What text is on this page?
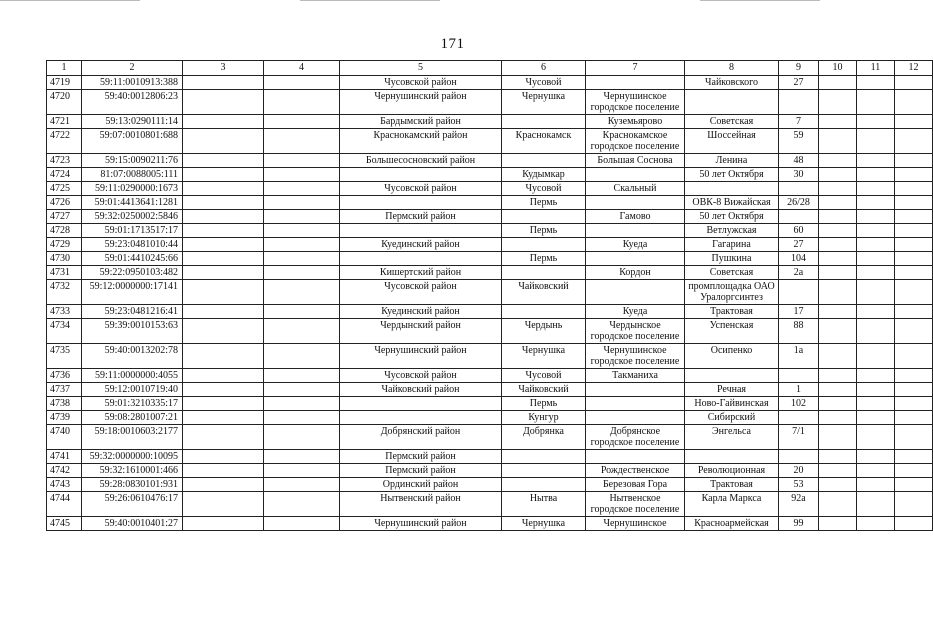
171
1	2	3	4	5	6	7	8	9	10	11	12
4719	59:11:0010913:388			Чусовской район	Чусовой		Чайковского	27			
4720	59:40:0012806:23			Чернушинский район	Чернушка	Чернушинское городское поселение					
4721	59:13:0290111:14			Бардымский район		Куземьярово	Советская	7			
4722	59:07:0010801:688			Краснокамский район	Краснокамск	Краснокамское городское поселение	Шоссейная	59			
4723	59:15:0090211:76			Большесосновский район		Большая Соснова	Ленина	48			
4724	81:07:0088005:111				Кудымкар		50 лет Октября	30			
4725	59:11:0290000:1673			Чусовской район	Чусовой	Скальный					
4726	59:01:4413641:1281				Пермь		ОВК-8 Вижайская	26/28			
4727	59:32:0250002:5846			Пермский район		Гамово	50 лет Октября				
4728	59:01:1713517:17				Пермь		Ветлужская	60			
4729	59:23:0481010:44			Куединский район		Куеда	Гагарина	27			
4730	59:01:4410245:66				Пермь		Пушкина	104			
4731	59:22:0950103:482			Кишертский район		Кордон	Советская	2а			
4732	59:12:0000000:17141			Чусовской район	Чайковский		промплощадка ОАО Уралоргсинтез				
4733	59:23:0481216:41			Куединский район		Куеда	Трактовая	17			
4734	59:39:0010153:63			Чердынский район	Чердынь	Чердынское городское поселение	Успенская	88			
4735	59:40:0013202:78			Чернушинский район	Чернушка	Чернушинское городское поселение	Осипенко	1а			
4736	59:11:0000000:4055			Чусовской район	Чусовой	Такманиха					
4737	59:12:0010719:40			Чайковский район	Чайковский		Речная	1			
4738	59:01:3210335:17				Пермь		Ново-Гайвинская	102			
4739	59:08:2801007:21				Кунгур		Сибирский				
4740	59:18:0010603:2177			Добрянский район	Добрянка	Добрянское городское поселение	Энгельса	7/1			
4741	59:32:0000000:10095			Пермский район							
4742	59:32:1610001:466			Пермский район		Рождественское	Революционная	20			
4743	59:28:0830101:931			Ординский район		Березовая Гора	Трактовая	53			
4744	59:26:0610476:17			Нытвенский район	Нытва	Нытвенское городское поселение	Карла Маркса	92а			
4745	59:40:0010401:27			Чернушинский район	Чернушка	Чернушинское	Красноармейская	99			
